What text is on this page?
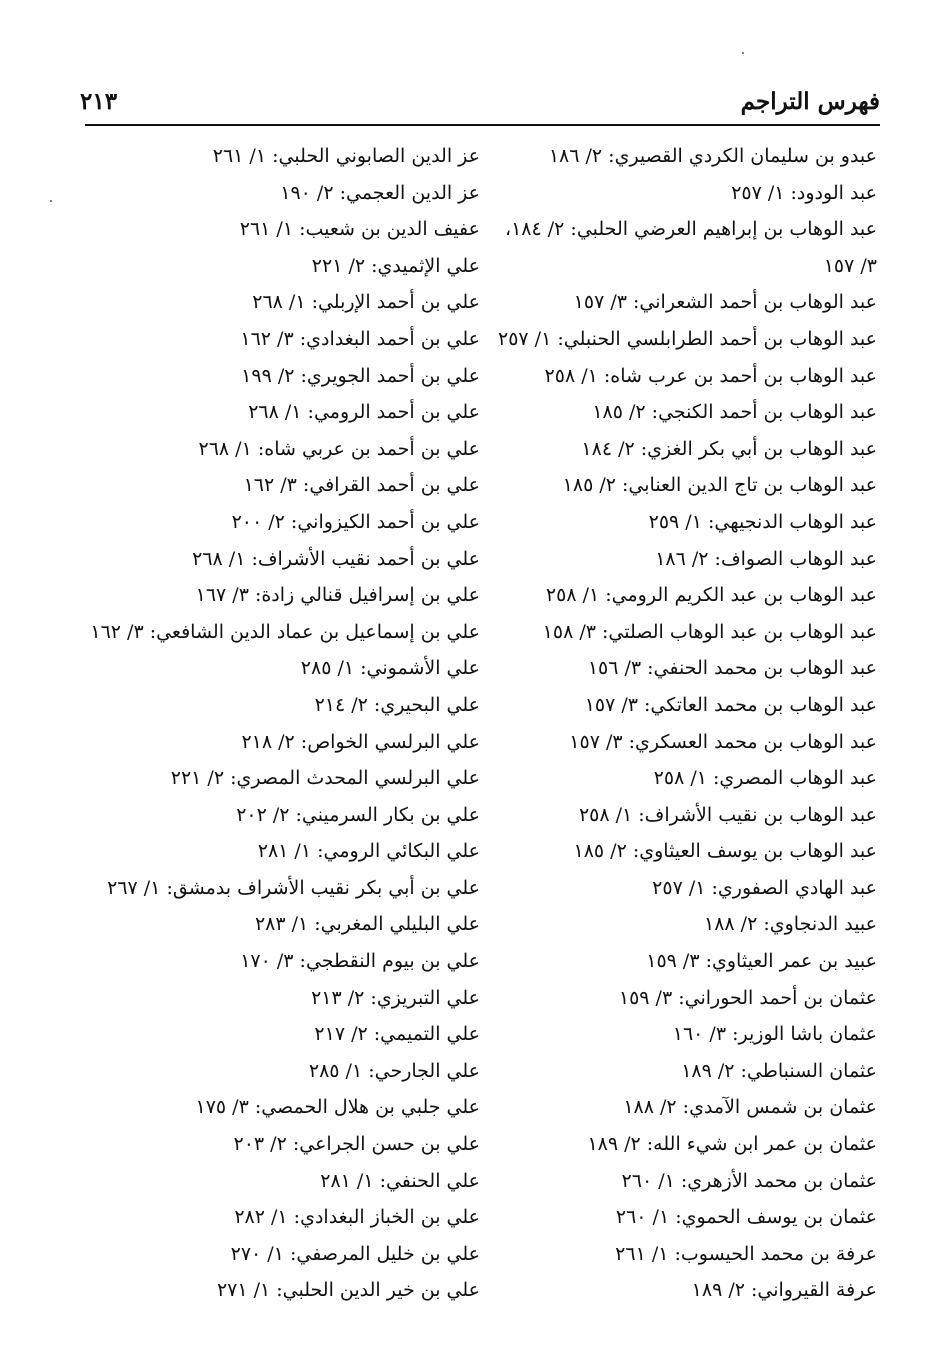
فهرس التراجم
٢١٣
عبدو بن سليمان الكردي القصيري: ٢/ ١٨٦
عبد الودود: ١/ ٢٥٧
عبد الوهاب بن إبراهيم العرضي الحلبي: ٢/ ١٨٤،
٣/ ١٥٧
عبد الوهاب بن أحمد الشعراني: ٣/ ١٥٧
عبد الوهاب بن أحمد الطرابلسي الحنبلي: ١/ ٢٥٧
عبد الوهاب بن أحمد بن عرب شاه: ١/ ٢٥٨
عبد الوهاب بن أحمد الكنجي: ٢/ ١٨٥
عبد الوهاب بن أبي بكر الغزي: ٢/ ١٨٤
عبد الوهاب بن تاج الدين العنابي: ٢/ ١٨٥
عبد الوهاب الدنجيهي: ١/ ٢٥٩
عبد الوهاب الصواف: ٢/ ١٨٦
عبد الوهاب بن عبد الكريم الرومي: ١/ ٢٥٨
عبد الوهاب بن عبد الوهاب الصلتي: ٣/ ١٥٨
عبد الوهاب بن محمد الحنفي: ٣/ ١٥٦
عبد الوهاب بن محمد العاتكي: ٣/ ١٥٧
عبد الوهاب بن محمد العسكري: ٣/ ١٥٧
عبد الوهاب المصري: ١/ ٢٥٨
عبد الوهاب بن نقيب الأشراف: ١/ ٢٥٨
عبد الوهاب بن يوسف العيثاوي: ٢/ ١٨٥
عبد الهادي الصفوري: ١/ ٢٥٧
عبيد الدنجاوي: ٢/ ١٨٨
عبيد بن عمر العيثاوي: ٣/ ١٥٩
عثمان بن أحمد الحوراني: ٣/ ١٥٩
عثمان باشا الوزير: ٣/ ١٦٠
عثمان السنباطي: ٢/ ١٨٩
عثمان بن شمس الآمدي: ٢/ ١٨٨
عثمان بن عمر ابن شيء الله: ٢/ ١٨٩
عثمان بن محمد الأزهري: ١/ ٢٦٠
عثمان بن يوسف الحموي: ١/ ٢٦٠
عرفة بن محمد الحيسوب: ١/ ٢٦١
عرفة القيرواني: ٢/ ١٨٩
عز الدين الصابوني الحلبي: ١/ ٢٦١
عز الدين العجمي: ٢/ ١٩٠
عفيف الدين بن شعيب: ١/ ٢٦١
علي الإثميدي: ٢/ ٢٢١
علي بن أحمد الإربلي: ١/ ٢٦٨
علي بن أحمد البغدادي: ٣/ ١٦٢
علي بن أحمد الجويري: ٢/ ١٩٩
علي بن أحمد الرومي: ١/ ٢٦٨
علي بن أحمد بن عربي شاه: ١/ ٢٦٨
علي بن أحمد القرافي: ٣/ ١٦٢
علي بن أحمد الكيزواني: ٢/ ٢٠٠
علي بن أحمد نقيب الأشراف: ١/ ٢٦٨
علي بن إسرافيل قنالي زادة: ٣/ ١٦٧
علي بن إسماعيل بن عماد الدين الشافعي: ٣/ ١٦٢
علي الأشموني: ١/ ٢٨٥
علي البحيري: ٢/ ٢١٤
علي البرلسي الخواص: ٢/ ٢١٨
علي البرلسي المحدث المصري: ٢/ ٢٢١
علي بن بكار السرميني: ٢/ ٢٠٢
علي البكائي الرومي: ١/ ٢٨١
علي بن أبي بكر نقيب الأشراف بدمشق: ١/ ٢٦٧
علي البليلي المغربي: ١/ ٢٨٣
علي بن بيوم النقطجي: ٣/ ١٧٠
علي التبريزي: ٢/ ٢١٣
علي التميمي: ٢/ ٢١٧
علي الجارحي: ١/ ٢٨٥
علي جلبي بن هلال الحمصي: ٣/ ١٧٥
علي بن حسن الجراعي: ٢/ ٢٠٣
علي الحنفي: ١/ ٢٨١
علي بن الخباز البغدادي: ١/ ٢٨٢
علي بن خليل المرصفي: ١/ ٢٧٠
علي بن خير الدين الحلبي: ١/ ٢٧١
